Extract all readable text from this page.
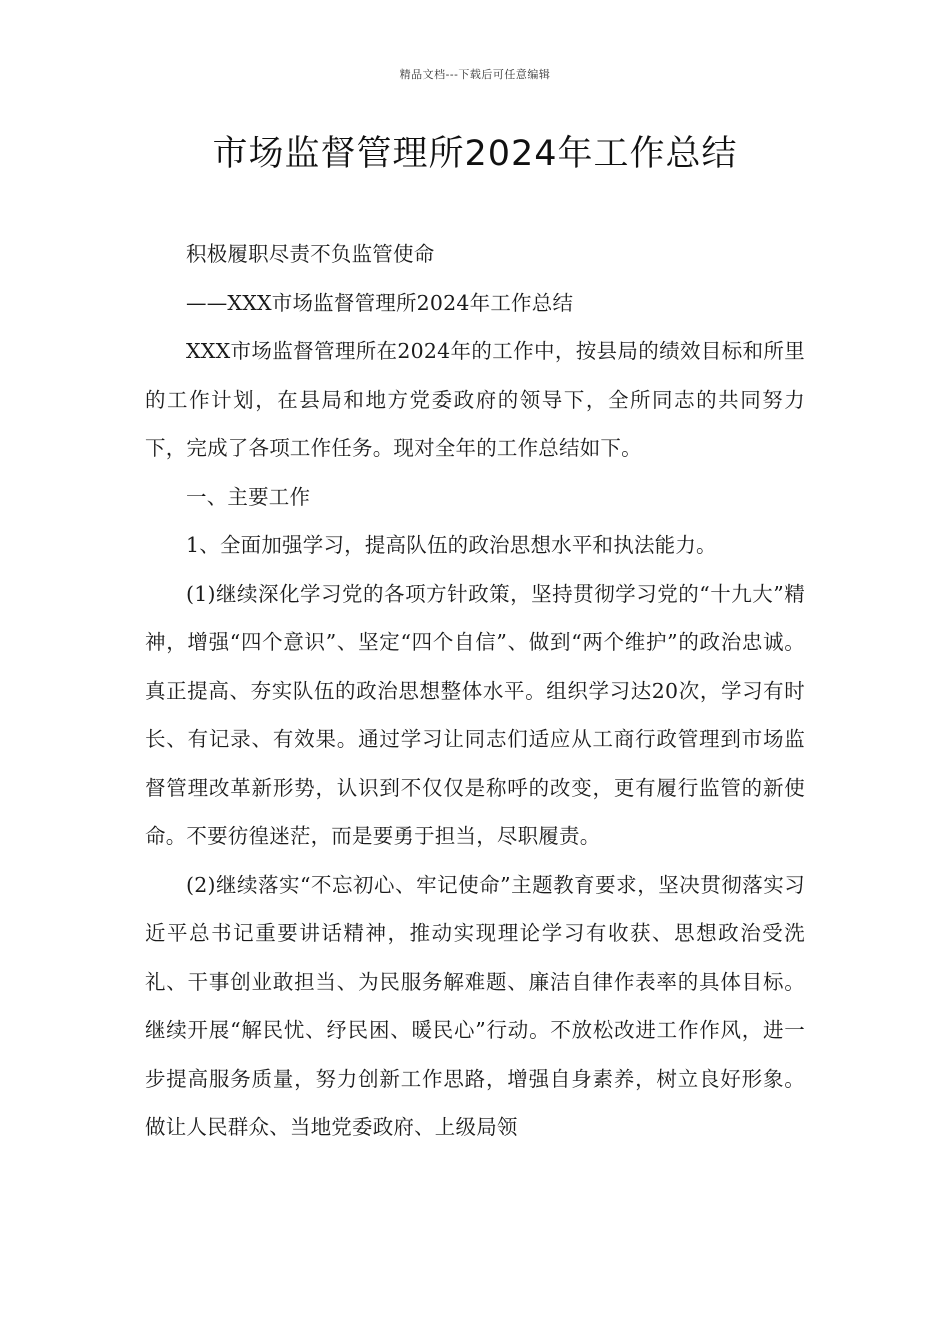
精品文档---下载后可任意编辑
市场监督管理所2024年工作总结

积极履职尽责不负监管使命

——XXX市场监督管理所2024年工作总结

XXX市场监督管理所在2024年的工作中，按县局的绩效目标和所里的工作计划，在县局和地方党委政府的领导下，全所同志的共同努力下，完成了各项工作任务。现对全年的工作总结如下。

一、主要工作

1、全面加强学习，提高队伍的政治思想水平和执法能力。

(1)继续深化学习党的各项方针政策，坚持贯彻学习党的“十九大”精神，增强“四个意识”、坚定“四个自信”、做到“两个维护”的政治忠诚。真正提高、夯实队伍的政治思想整体水平。组织学习达20次，学习有时长、有记录、有效果。通过学习让同志们适应从工商行政管理到市场监督管理改革新形势，认识到不仅仅是称呼的改变，更有履行监管的新使命。不要彷徨迷茫，而是要勇于担当，尽职履责。

(2)继续落实“不忘初心、牢记使命”主题教育要求，坚决贯彻落实习近平总书记重要讲话精神，推动实现理论学习有收获、思想政治受洗礼、干事创业敢担当、为民服务解难题、廉洁自律作表率的具体目标。继续开展“解民忧、纾民困、暖民心”行动。不放松改进工作作风，进一步提高服务质量，努力创新工作思路，增强自身素养，树立良好形象。做让人民群众、当地党委政府、上级局领
